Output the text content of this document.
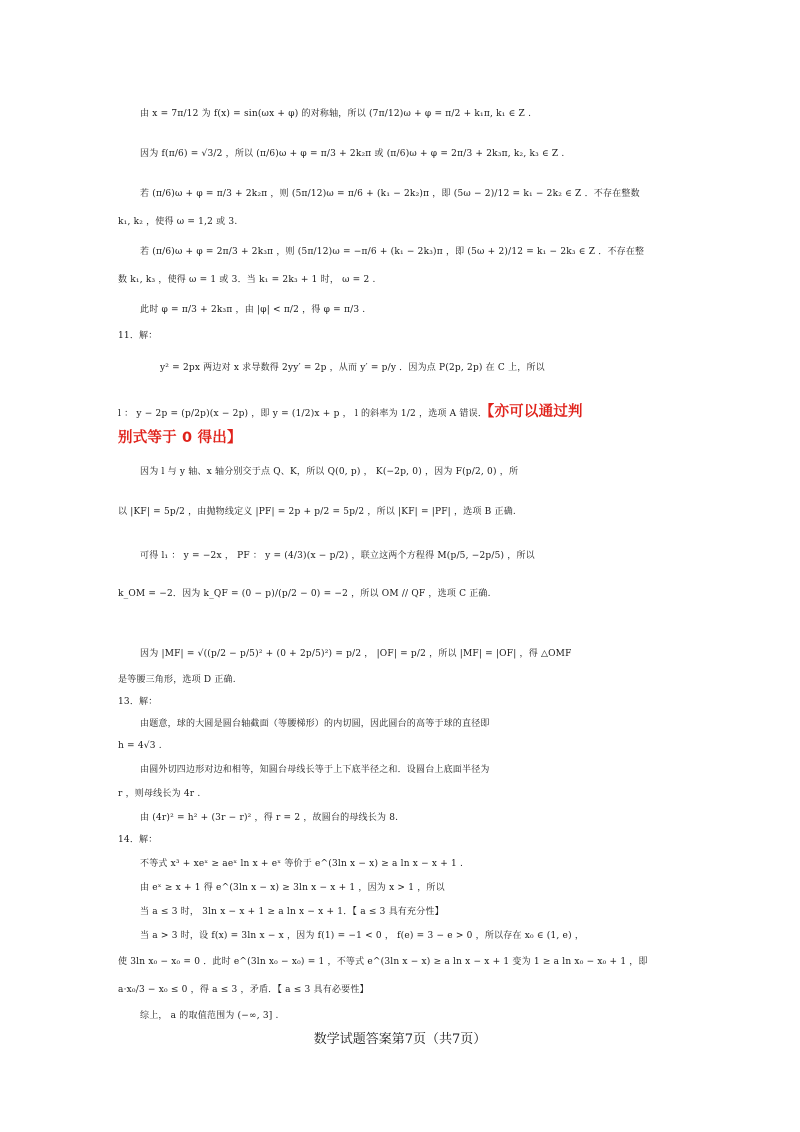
由 x = 7π/12 为 f(x) = sin(ωx + φ) 的对称轴，所以 (7π/12)ω + φ = π/2 + k₁π, k₁ ∈ Z .
因为 f(π/6) = √3/2 ，所以 (π/6)ω + φ = π/3 + 2k₂π 或 (π/6)ω + φ = 2π/3 + 2k₃π, k₂, k₃ ∈ Z .
若 (π/6)ω + φ = π/3 + 2k₂π ，则 (5π/12)ω = π/6 + (k₁ − 2k₂)π ，即 (5ω − 2)/12 = k₁ − 2k₂ ∈ Z ．不存在整数
k₁, k₂ ，使得 ω = 1,2 或 3.
若 (π/6)ω + φ = 2π/3 + 2k₃π ，则 (5π/12)ω = −π/6 + (k₁ − 2k₃)π ，即 (5ω + 2)/12 = k₁ − 2k₃ ∈ Z ．不存在整
数 k₁, k₃ ，使得 ω = 1 或 3．当 k₁ = 2k₃ + 1 时， ω = 2 .
此时 φ = π/3 + 2k₃π ，由 |φ| < π/2 ，得 φ = π/3 .
11．解：
y² = 2px 两边对 x 求导数得 2yy′ = 2p ，从而 y′ = p/y ．因为点 P(2p, 2p) 在 C 上，所以
l ： y − 2p = (p/2p)(x − 2p) ，即 y = (1/2)x + p ， l 的斜率为 1/2 ，选项 A 错误．【亦可以通过判
别式等于 0 得出】
因为 l 与 y 轴、x 轴分别交于点 Q、K，所以 Q(0, p) ， K(−2p, 0) ，因为 F(p/2, 0) ，所
以 |KF| = 5p/2 ，由抛物线定义 |PF| = 2p + p/2 = 5p/2 ，所以 |KF| = |PF| ，选项 B 正确.
可得 l₁ ： y = −2x ， PF ： y = (4/3)(x − p/2) ，联立这两个方程得 M(p/5, −2p/5) ，所以
k_OM = −2．因为 k_QF = (0 − p)/(p/2 − 0) = −2 ，所以 OM // QF ，选项 C 正确.
因为 |MF| = √((p/2 − p/5)² + (0 + 2p/5)²) = p/2 ， |OF| = p/2 ，所以 |MF| = |OF| ，得 △OMF
是等腰三角形，选项 D 正确.
13．解：
由题意，球的大圆是圆台轴截面（等腰梯形）的内切圆，因此圆台的高等于球的直径即
h = 4√3 .
由圆外切四边形对边和相等，知圆台母线长等于上下底半径之和．设圆台上底面半径为
r ，则母线长为 4r .
由 (4r)² = h² + (3r − r)² ，得 r = 2 ，故圆台的母线长为 8.
14．解：
不等式 x³ + xeˣ ≥ aeˣ ln x + eˣ 等价于 e^(3ln x − x) ≥ a ln x − x + 1 .
由 eˣ ≥ x + 1 得 e^(3ln x − x) ≥ 3ln x − x + 1 ，因为 x > 1 ，所以
当 a ≤ 3 时， 3ln x − x + 1 ≥ a ln x − x + 1．【 a ≤ 3 具有充分性】
当 a > 3 时，设 f(x) = 3ln x − x ，因为 f(1) = −1 < 0 ， f(e) = 3 − e > 0 ，所以存在 x₀ ∈ (1, e) ，
使 3ln x₀ − x₀ = 0 ．此时 e^(3ln x₀ − x₀) = 1 ，不等式 e^(3ln x − x) ≥ a ln x − x + 1 变为 1 ≥ a ln x₀ − x₀ + 1 ，即
a·x₀/3 − x₀ ≤ 0 ，得 a ≤ 3 ，矛盾．【 a ≤ 3 具有必要性】
综上， a 的取值范围为 (−∞, 3] .
数学试题答案第7页（共7页）
